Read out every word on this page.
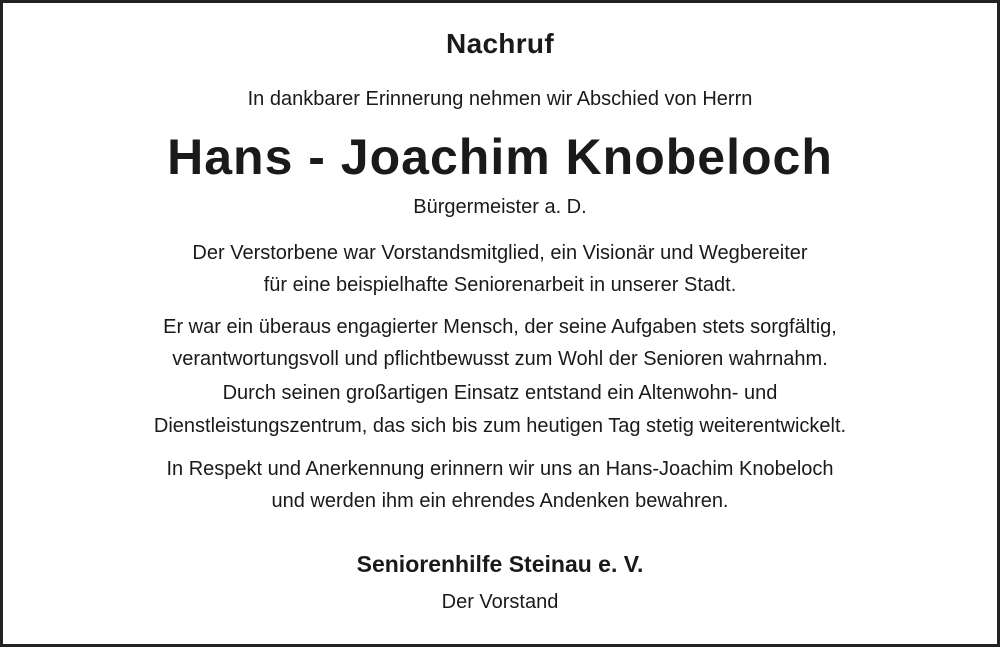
Nachruf
In dankbarer Erinnerung nehmen wir Abschied von Herrn
Hans - Joachim Knobeloch
Bürgermeister a. D.
Der Verstorbene war Vorstandsmitglied, ein Visionär und Wegbereiter
für eine beispielhafte Seniorenarbeit in unserer Stadt.
Er war ein überaus engagierter Mensch, der seine Aufgaben stets sorgfältig,
verantwortungsvoll und pflichtbewusst zum Wohl der Senioren wahrnahm.
Durch seinen großartigen Einsatz entstand ein Altenwohn- und
Dienstleistungszentrum, das sich bis zum heutigen Tag stetig weiterentwickelt.
In Respekt und Anerkennung erinnern wir uns an Hans-Joachim Knobeloch
und werden ihm ein ehrendes Andenken bewahren.
Seniorenhilfe Steinau e. V.
Der Vorstand
